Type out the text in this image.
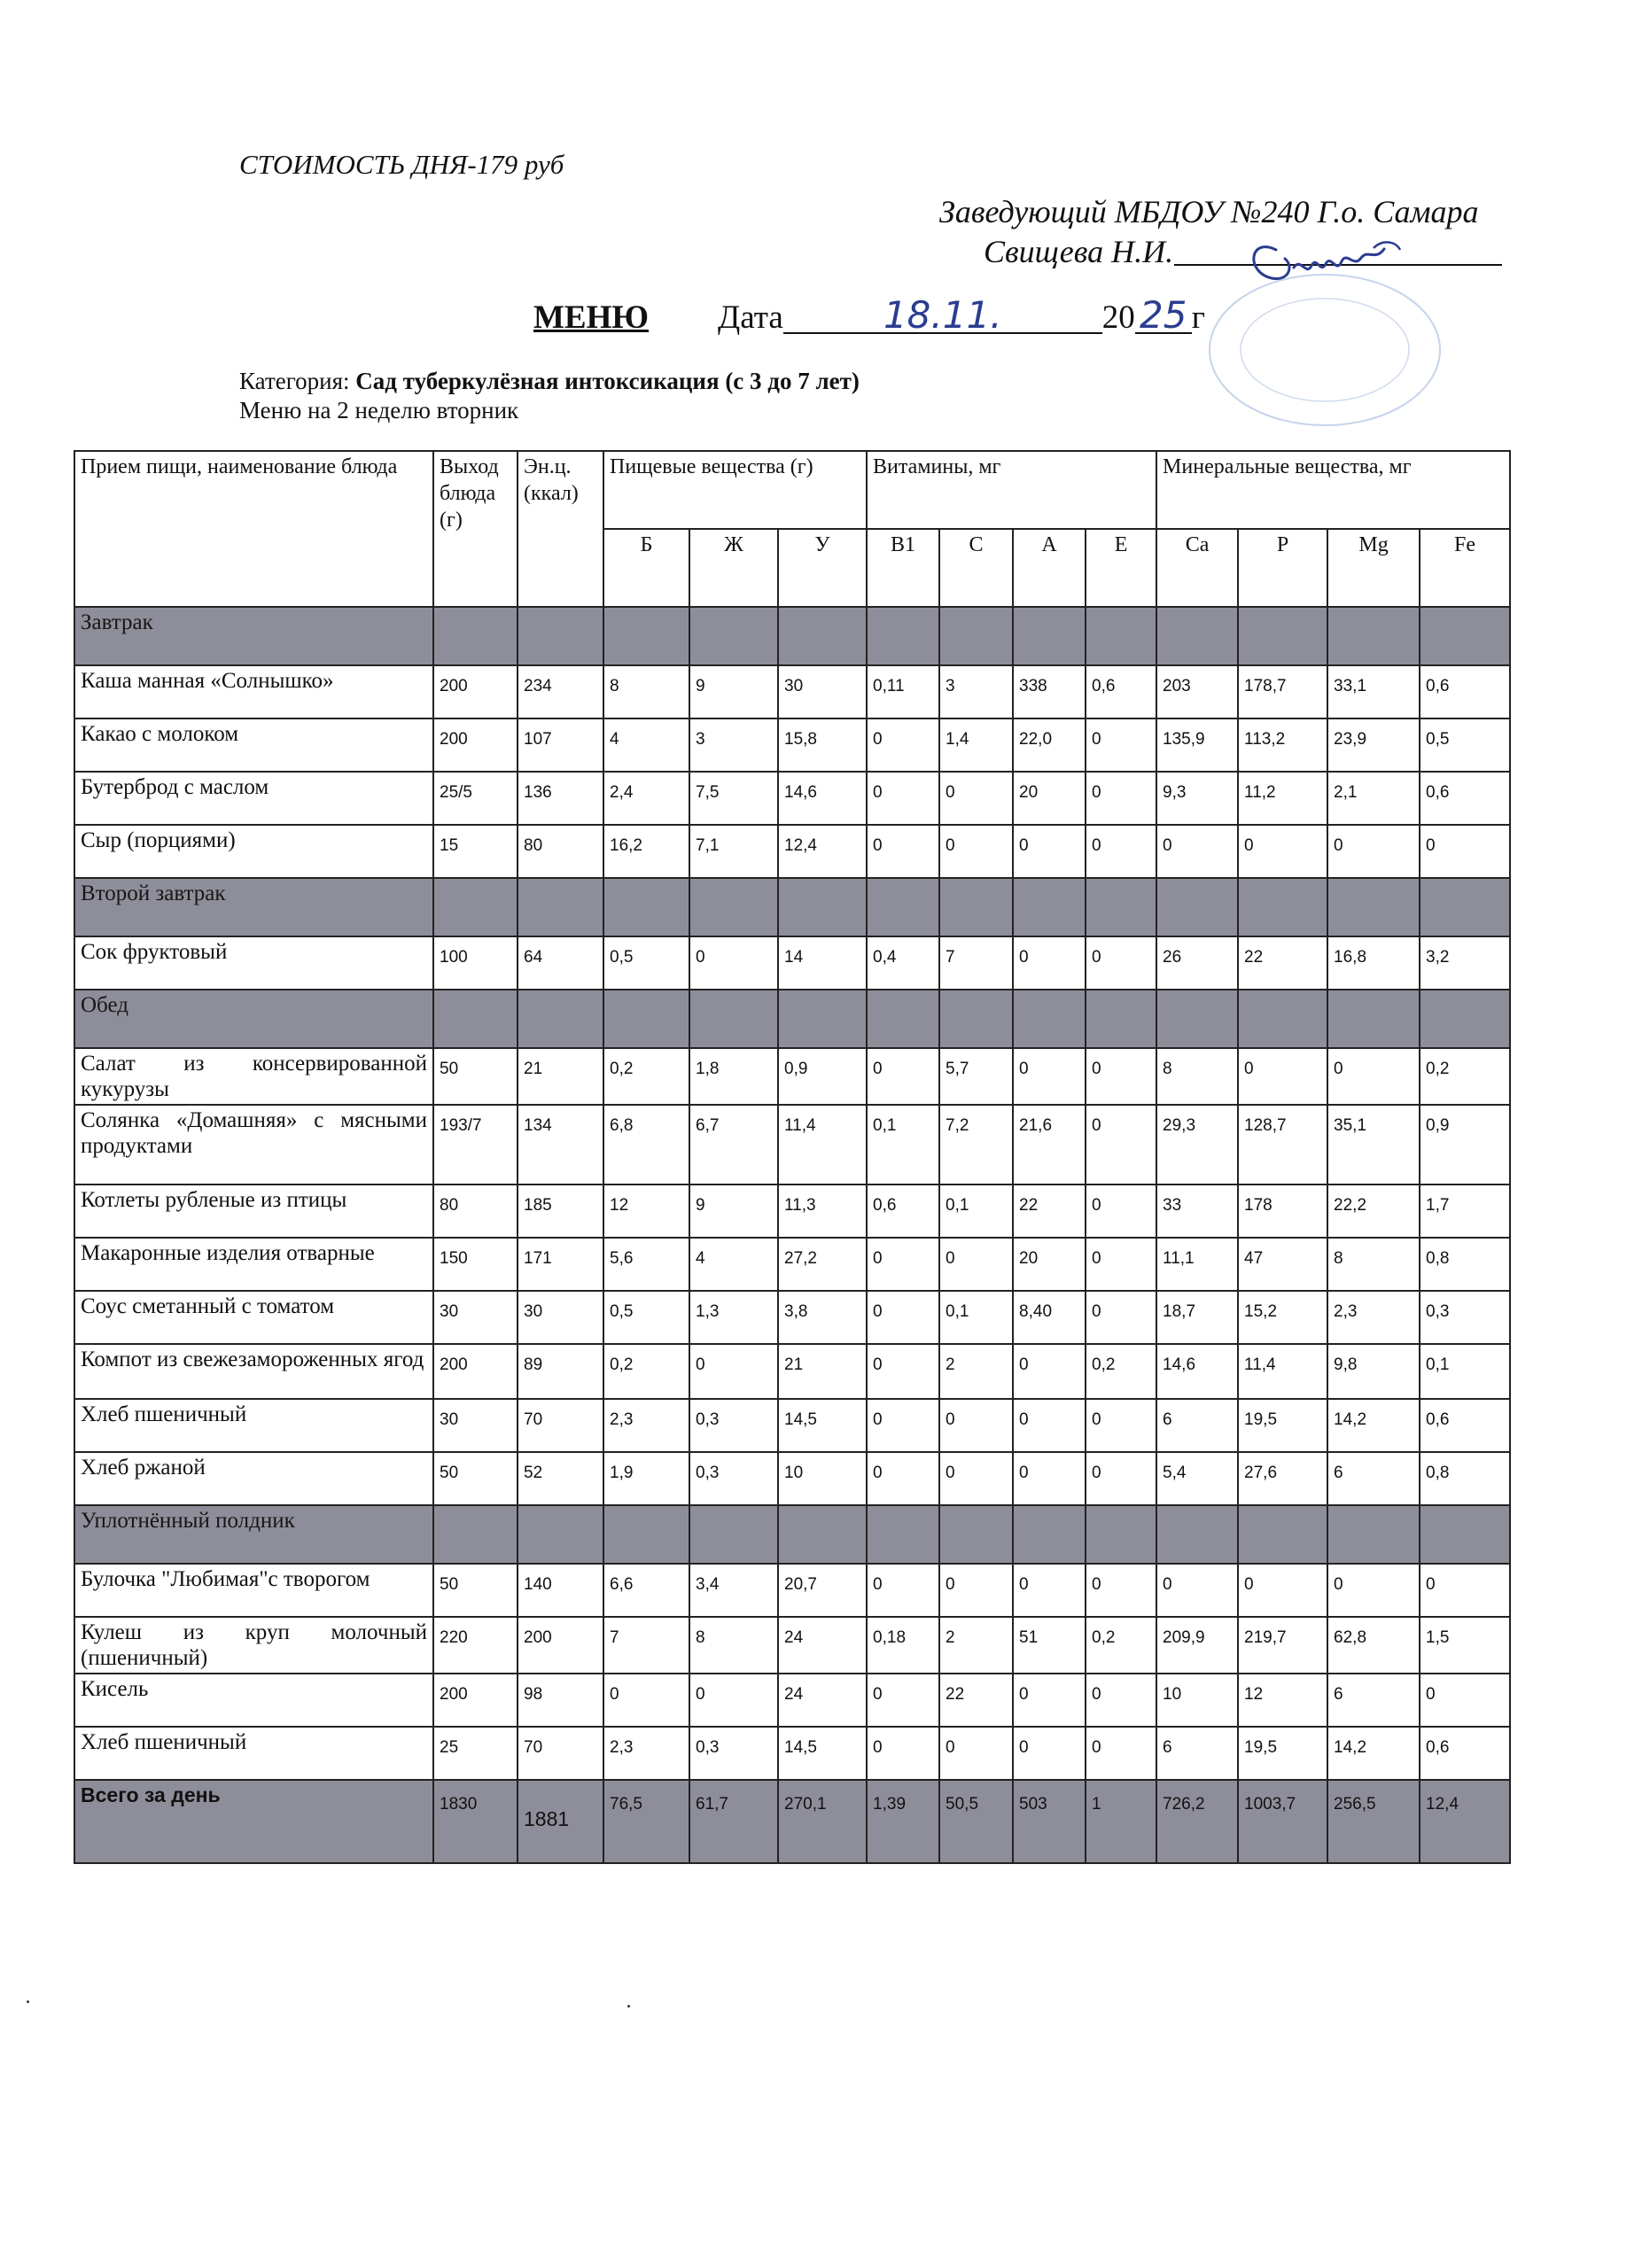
СТОИМОСТЬ ДНЯ-179 руб
Заведующий МБДОУ №240 Г.о. Самара
Свищева Н.И.
МЕНЮ Дата	18.11.	20 25 г
Категория: Сад туберкулёзная интоксикация (с 3 до 7 лет)
Меню на 2 неделю вторник
Прием пищи, наименование блюда	Выход блюда (г)	Эн.ц. (ккал)	Пищевые вещества (г)			Витамины, мг				Минеральные вещества, мг			
			Б	Ж	У	B1	С	А	Е	Са	Р	Mg	Fe
Завтрак													
Каша манная «Солнышко»	200	234	8	9	30	0,11	3	338	0,6	203	178,7	33,1	0,6
Какао с молоком	200	107	4	3	15,8	0	1,4	22,0	0	135,9	113,2	23,9	0,5
Бутерброд с маслом	25/5	136	2,4	7,5	14,6	0	0	20	0	9,3	11,2	2,1	0,6
Сыр (порциями)	15	80	16,2	7,1	12,4	0	0	0	0	0	0	0	0
Второй завтрак													
Сок фруктовый	100	64	0,5	0	14	0,4	7	0	0	26	22	16,8	3,2
Обед													
Салат из консервированной кукурузы	50	21	0,2	1,8	0,9	0	5,7	0	0	8	0	0	0,2
Солянка «Домашняя» с мясными продуктами	193/7	134	6,8	6,7	11,4	0,1	7,2	21,6	0	29,3	128,7	35,1	0,9
Котлеты рубленые из птицы	80	185	12	9	11,3	0,6	0,1	22	0	33	178	22,2	1,7
Макаронные изделия отварные	150	171	5,6	4	27,2	0	0	20	0	11,1	47	8	0,8
Соус сметанный с томатом	30	30	0,5	1,3	3,8	0	0,1	8,40	0	18,7	15,2	2,3	0,3
Компот из свежезамороженных ягод	200	89	0,2	0	21	0	2	0	0,2	14,6	11,4	9,8	0,1
Хлеб пшеничный	30	70	2,3	0,3	14,5	0	0	0	0	6	19,5	14,2	0,6
Хлеб ржаной	50	52	1,9	0,3	10	0	0	0	0	5,4	27,6	6	0,8
Уплотнённый полдник													
Булочка "Любимая"с творогом	50	140	6,6	3,4	20,7	0	0	0	0	0	0	0	0
Кулеш из круп молочный (пшеничный)	220	200	7	8	24	0,18	2	51	0,2	209,9	219,7	62,8	1,5
Кисель	200	98	0	0	24	0	22	0	0	10	12	6	0
Хлеб пшеничный	25	70	2,3	0,3	14,5	0	0	0	0	6	19,5	14,2	0,6
Всего за день	1830	1881	76,5	61,7	270,1	1,39	50,5	503	1	726,2	1003,7	256,5	12,4
